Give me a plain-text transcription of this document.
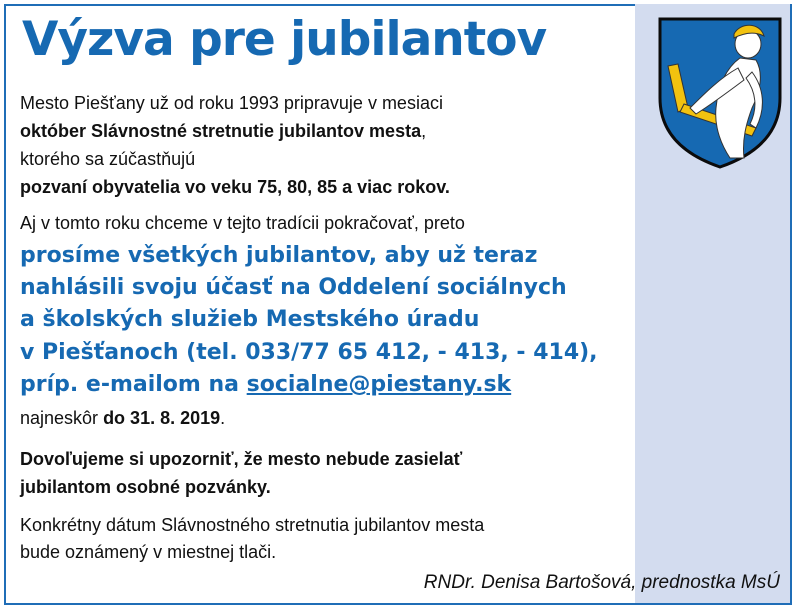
Výzva pre jubilantov

Mesto Piešťany už od roku 1993 pripravuje v mesiaci

október Slávnostné stretnutie jubilantov mesta,

ktorého sa zúčastňujú

pozvaní obyvatelia vo veku 75, 80, 85 a viac rokov.

Aj v tomto roku chceme v tejto tradícii pokračovať, preto

prosíme všetkých jubilantov, aby už teraz

nahlásili svoju účasť na Oddelení sociálnych

a školských služieb Mestského úradu

v Piešťanoch (tel. 033/77 65 412, - 413, - 414),

príp. e-mailom na socialne@piestany.sk

najneskôr do 31. 8. 2019.

Dovoľujeme si upozorniť, že mesto nebude zasielať

jubilantom osobné pozvánky.

Konkrétny dátum Slávnostného stretnutia jubilantov mesta

bude oznámený v miestnej tlači.

RNDr. Denisa Bartošová, prednostka MsÚ
